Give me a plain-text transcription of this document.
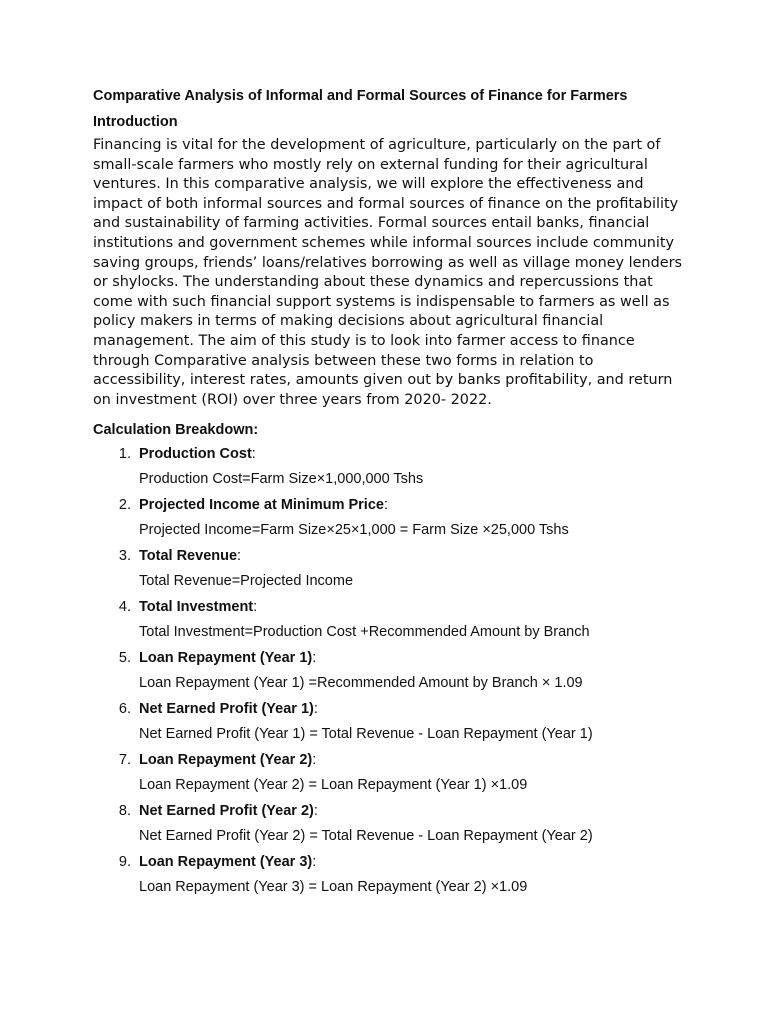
Comparative Analysis of Informal and Formal Sources of Finance for Farmers
Introduction

Financing is vital for the development of agriculture, particularly on the part of small-scale farmers who mostly rely on external funding for their agricultural ventures. In this comparative analysis, we will explore the effectiveness and impact of both informal sources and formal sources of finance on the profitability and sustainability of farming activities. Formal sources entail banks, financial institutions and government schemes while informal sources include community saving groups, friends’ loans/relatives borrowing as well as village money lenders or shylocks. The understanding about these dynamics and repercussions that come with such financial support systems is indispensable to farmers as well as policy makers in terms of making decisions about agricultural financial management. The aim of this study is to look into farmer access to finance through Comparative analysis between these two forms in relation to accessibility, interest rates, amounts given out by banks profitability, and return on investment (ROI) over three years from 2020- 2022.

Calculation Breakdown:
1. Production Cost:
Production Cost=Farm Size×1,000,000 Tshs
2. Projected Income at Minimum Price:
Projected Income=Farm Size×25×1,000 = Farm Size ×25,000 Tshs
3. Total Revenue:
Total Revenue=Projected Income
4. Total Investment:
Total Investment=Production Cost +Recommended Amount by Branch
5. Loan Repayment (Year 1):
Loan Repayment (Year 1) =Recommended Amount by Branch × 1.09
6. Net Earned Profit (Year 1):
Net Earned Profit (Year 1) = Total Revenue - Loan Repayment (Year 1)
7. Loan Repayment (Year 2):
Loan Repayment (Year 2) = Loan Repayment (Year 1) ×1.09
8. Net Earned Profit (Year 2):
Net Earned Profit (Year 2) = Total Revenue - Loan Repayment (Year 2)
9. Loan Repayment (Year 3):
Loan Repayment (Year 3) = Loan Repayment (Year 2) ×1.09
